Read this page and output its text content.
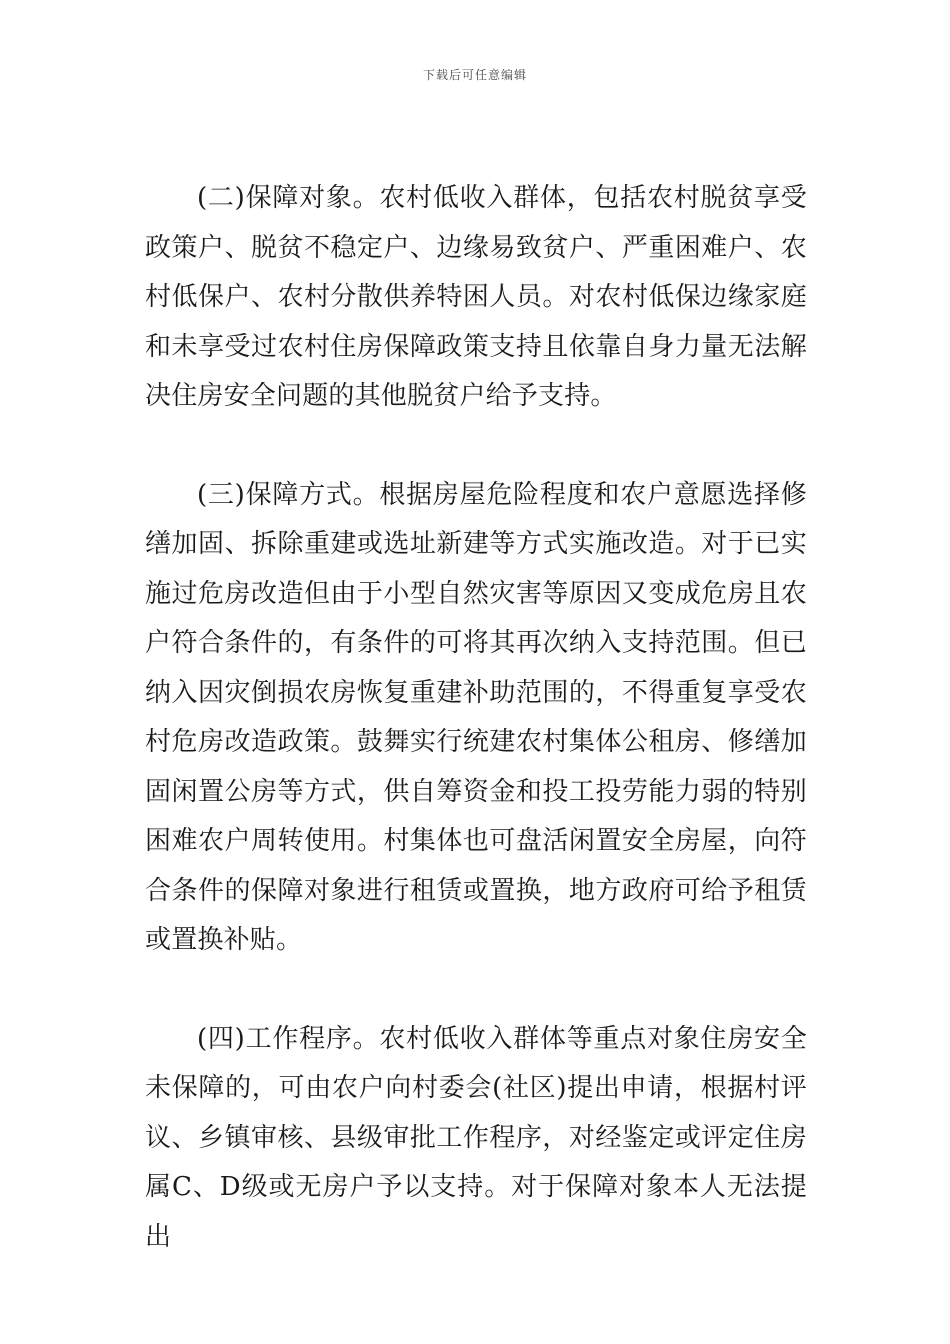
下载后可任意编辑

(二)保障对象。农村低收入群体，包括农村脱贫享受政策户、脱贫不稳定户、边缘易致贫户、严重困难户、农村低保户、农村分散供养特困人员。对农村低保边缘家庭和未享受过农村住房保障政策支持且依靠自身力量无法解决住房安全问题的其他脱贫户给予支持。

(三)保障方式。根据房屋危险程度和农户意愿选择修缮加固、拆除重建或选址新建等方式实施改造。对于已实施过危房改造但由于小型自然灾害等原因又变成危房且农户符合条件的，有条件的可将其再次纳入支持范围。但已纳入因灾倒损农房恢复重建补助范围的，不得重复享受农村危房改造政策。鼓舞实行统建农村集体公租房、修缮加固闲置公房等方式，供自筹资金和投工投劳能力弱的特别困难农户周转使用。村集体也可盘活闲置安全房屋，向符合条件的保障对象进行租赁或置换，地方政府可给予租赁或置换补贴。

(四)工作程序。农村低收入群体等重点对象住房安全未保障的，可由农户向村委会(社区)提出申请，根据村评议、乡镇审核、县级审批工作程序，对经鉴定或评定住房属C、D级或无房户予以支持。对于保障对象本人无法提出
